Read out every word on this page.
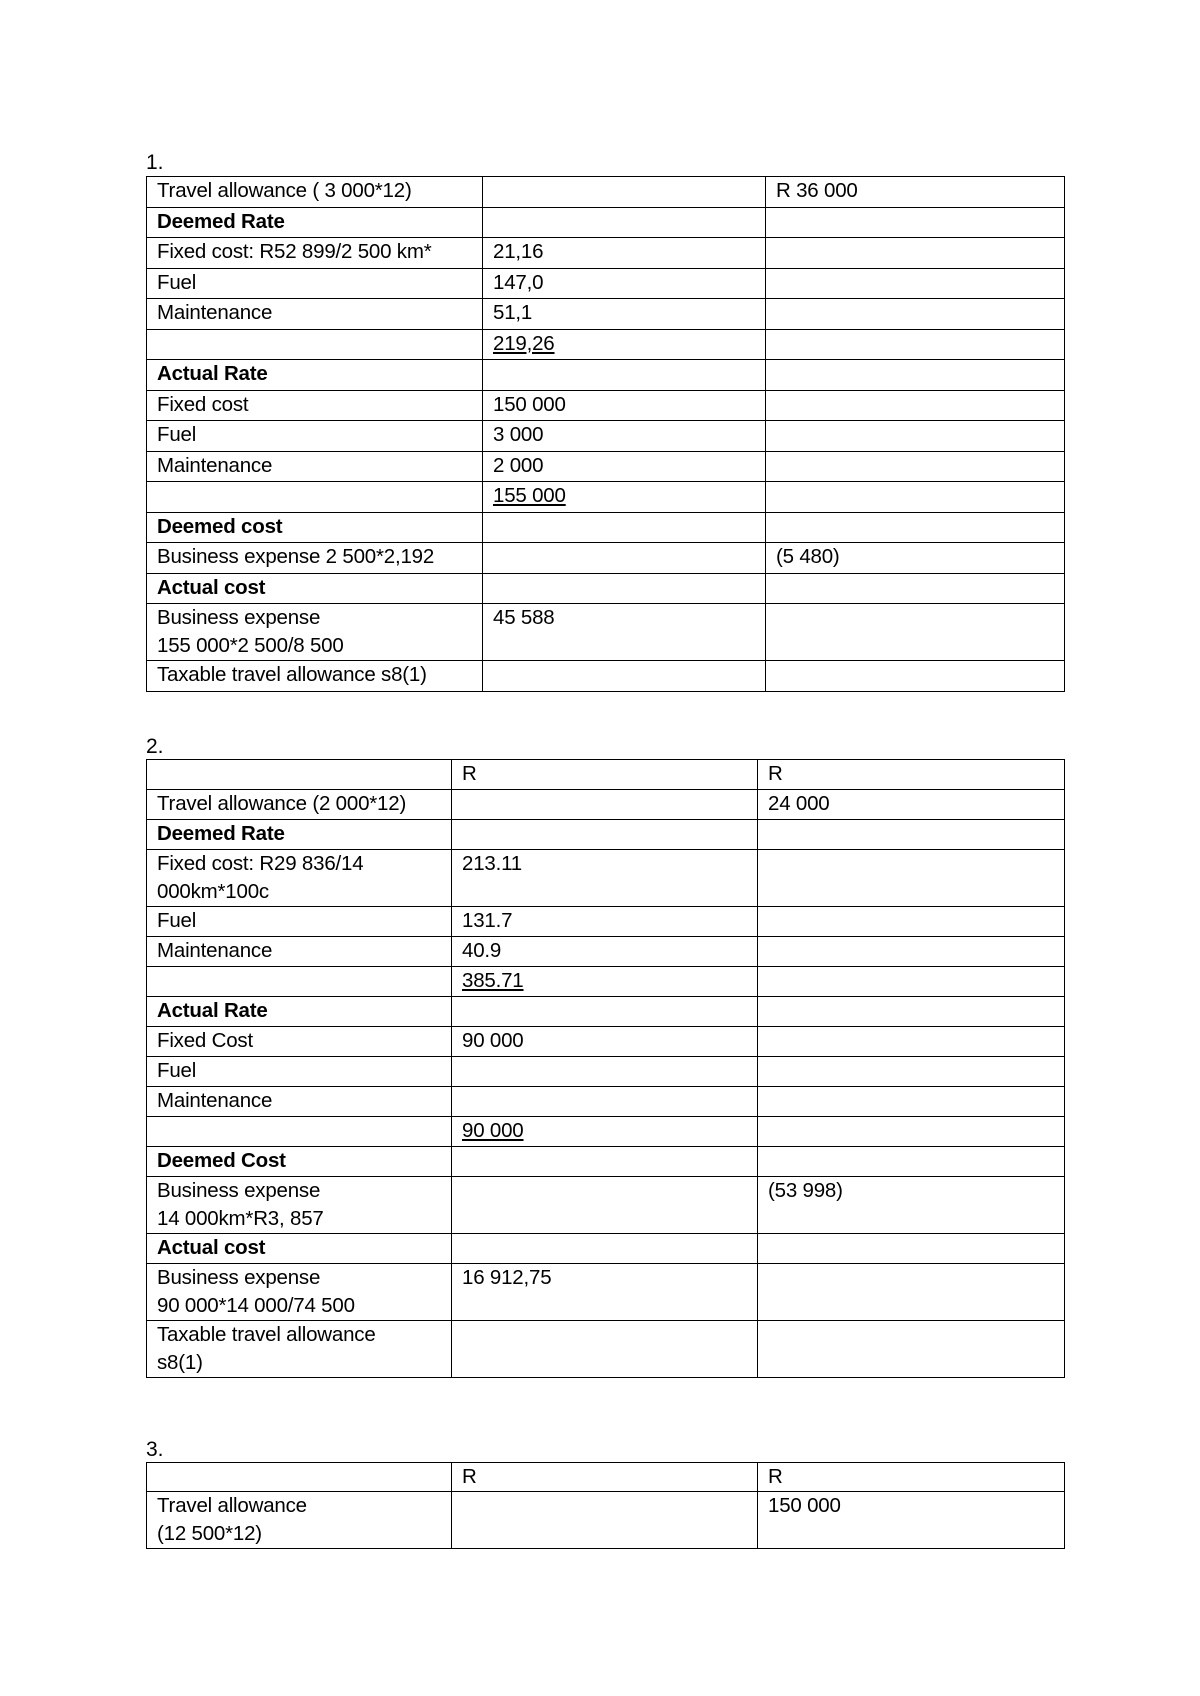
1.
Travel allowance ( 3 000*12)		R 36 000
Deemed Rate		
Fixed cost: R52 899/2 500 km*	21,16	
Fuel	147,0	
Maintenance	51,1	
	219,26	
Actual Rate		
Fixed cost	150 000	
Fuel	3 000	
Maintenance	2 000	
	155 000	
Deemed cost		
Business expense 2 500*2,192		(5 480)
Actual cost		
Business expense
155 000*2 500/8 500	45 588	
Taxable travel allowance s8(1)		
2.
	R	R
Travel allowance (2 000*12)		24 000
Deemed Rate		
Fixed cost: R29 836/14
000km*100c	213.11	
Fuel	131.7	
Maintenance	40.9	
	385.71	
Actual Rate		
Fixed Cost	90 000	
Fuel		
Maintenance		
	90 000	
Deemed Cost		
Business expense
14 000km*R3, 857		(53 998)
Actual cost		
Business expense
90 000*14 000/74 500	16 912,75	
Taxable travel allowance
s8(1)		
3.
	R	R
Travel allowance
(12 500*12)		150 000
